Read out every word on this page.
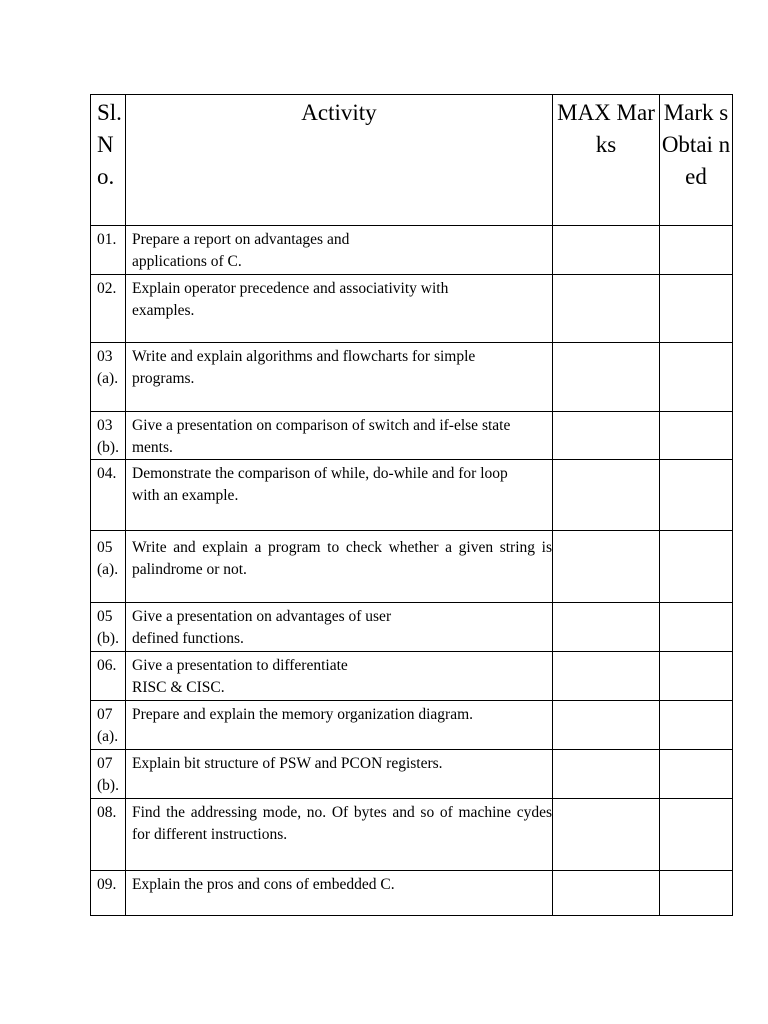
Sl. N o.	Activity	MAX Marks	Mark s Obtai ned
01.	Prepare a report on advantages and applications of C.		
02.	Explain operator precedence and associativity with examples.		
03(a).	Write and explain algorithms and flowcharts for simple programs.		
03(b).	Give a presentation on comparison of switch and if-else statements.		
04.	Demonstrate the comparison of while, do-while and for loop with an example.		
05(a).	Write and explain a program to check whether a given string is palindrome or not.		
05(b).	Give a presentation on advantages of user defined functions.		
06.	Give a presentation to differentiate RISC & CISC.		
07(a).	Prepare and explain the memory organization diagram.		
07(b).	Explain bit structure of PSW and PCON registers.		
08.	Find the addressing mode, no. Of bytes and so of machine cydes for different instructions.		
09.	Explain the pros and cons of embedded C.		
